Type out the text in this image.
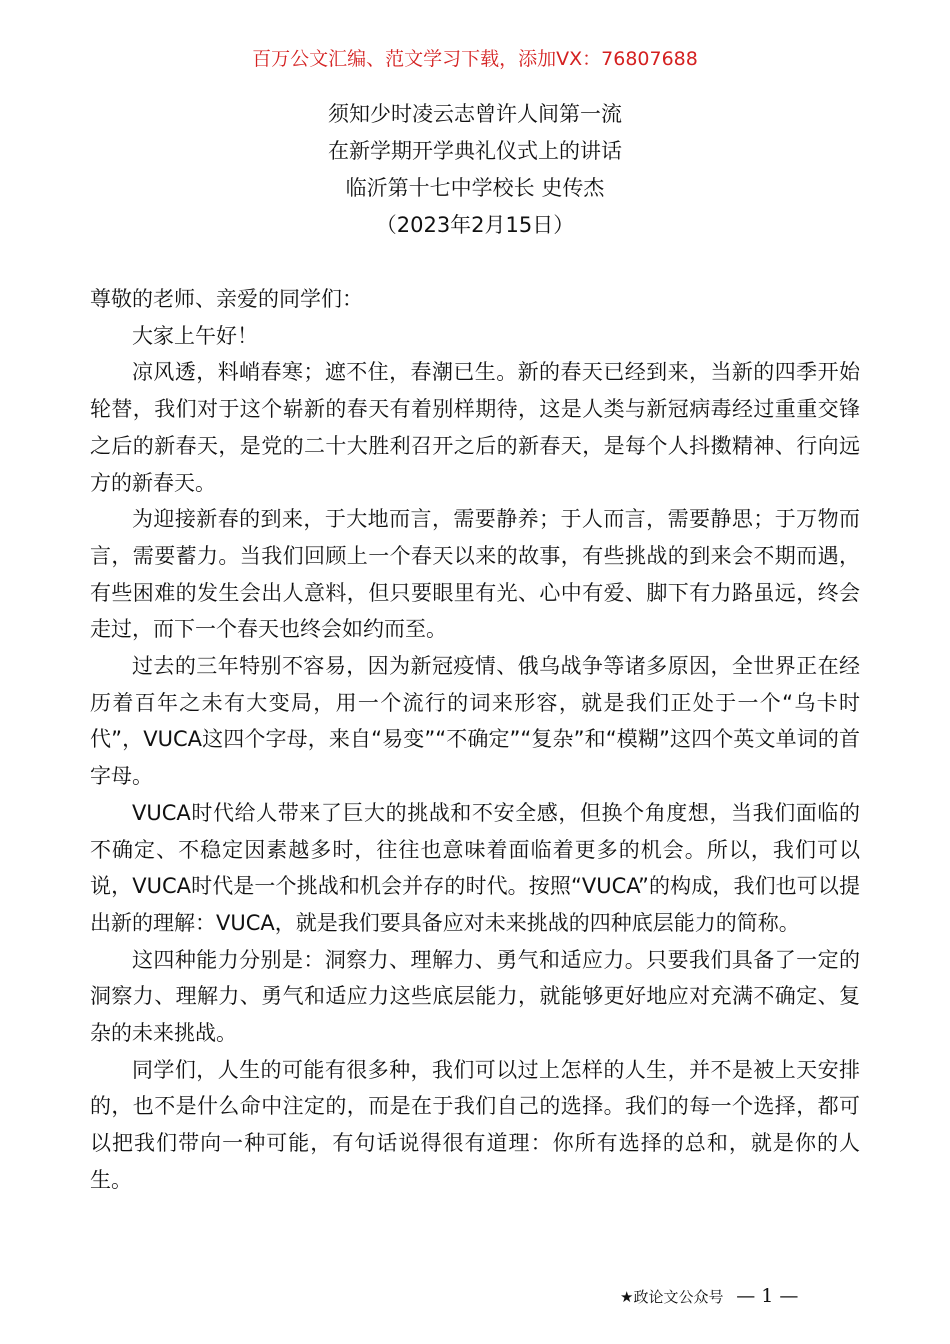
百万公文汇编、范文学习下载，添加VX：76807688
须知少时凌云志曾许人间第一流
在新学期开学典礼仪式上的讲话
临沂第十七中学校长 史传杰
（2023年2月15日）

尊敬的老师、亲爱的同学们：

大家上午好！

凉风透，料峭春寒；遮不住，春潮已生。新的春天已经到来，当新的四季开始轮替，我们对于这个崭新的春天有着别样期待，这是人类与新冠病毒经过重重交锋之后的新春天，是党的二十大胜利召开之后的新春天，是每个人抖擞精神、行向远方的新春天。

为迎接新春的到来，于大地而言，需要静养；于人而言，需要静思；于万物而言，需要蓄力。当我们回顾上一个春天以来的故事，有些挑战的到来会不期而遇，有些困难的发生会出人意料，但只要眼里有光、心中有爱、脚下有力路虽远，终会走过，而下一个春天也终会如约而至。

过去的三年特别不容易，因为新冠疫情、俄乌战争等诸多原因，全世界正在经历着百年之未有大变局，用一个流行的词来形容，就是我们正处于一个“乌卡时代”，VUCA这四个字母，来自“易变”“不确定”“复杂”和“模糊”这四个英文单词的首字母。

VUCA时代给人带来了巨大的挑战和不安全感，但换个角度想，当我们面临的不确定、不稳定因素越多时，往往也意味着面临着更多的机会。所以，我们可以说，VUCA时代是一个挑战和机会并存的时代。按照“VUCA”的构成，我们也可以提出新的理解：VUCA，就是我们要具备应对未来挑战的四种底层能力的简称。

这四种能力分别是：洞察力、理解力、勇气和适应力。只要我们具备了一定的洞察力、理解力、勇气和适应力这些底层能力，就能够更好地应对充满不确定、复杂的未来挑战。

同学们，人生的可能有很多种，我们可以过上怎样的人生，并不是被上天安排的，也不是什么命中注定的，而是在于我们自己的选择。我们的每一个选择，都可以把我们带向一种可能，有句话说得很有道理：你所有选择的总和，就是你的人生。

★政论文公众号 — 1 —
